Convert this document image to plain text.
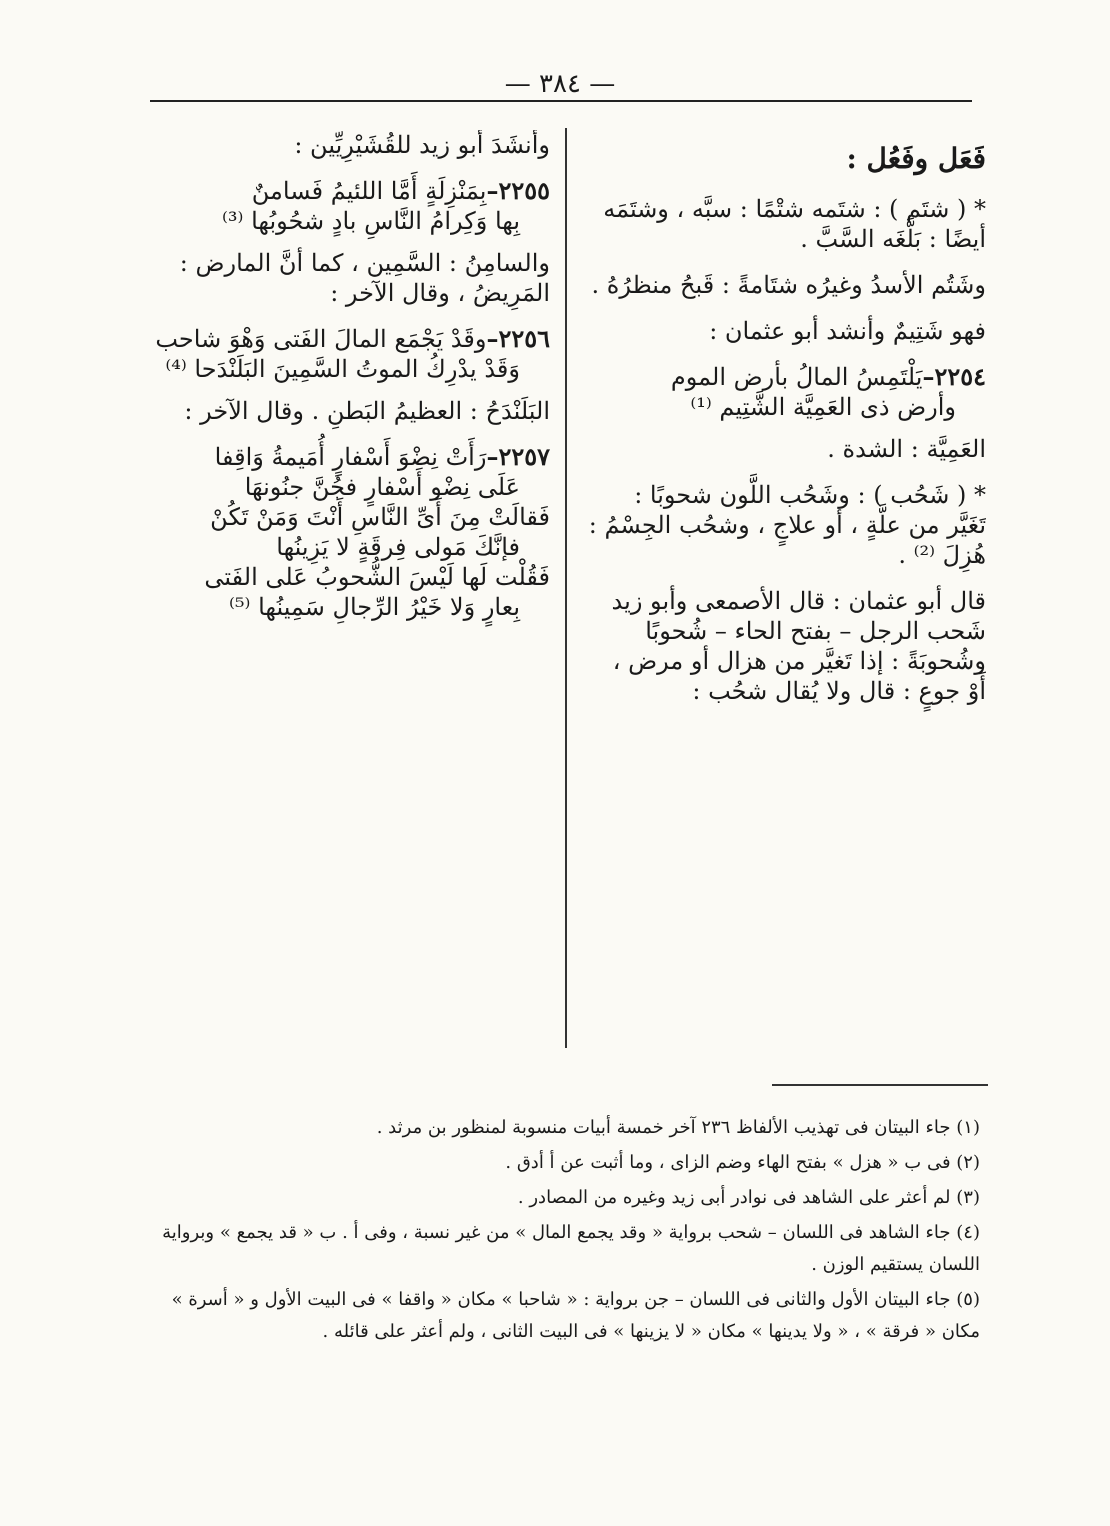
— ٣٨٤ —
فَعَل وفَعُل :

* ( شتَم ) : شتَمه شتْمًا : سبَّه ، وشتَمَه أيضًا : بَلَّغَه السَّبَّ .

وشَتُم الأسدُ وغيرُه شتَامةً : قَبحُ منظرُهُ .

فهو شَتِيمٌ وأنشد أبو عثمان :

٢٢٥٤–يَلْتَمِسُ المالُ بأرض الموم
وأرض ذى العَمِيَّة الشَّتِيم ⁽¹⁾

العَمِيَّة : الشدة .

* ( شَحُب ) : وشَحُب اللَّون شحوبًا : تَغَيَّر من علَّةٍ ، أو علاجٍ ، وشحُب الجِسْمُ : هُزِلَ ⁽²⁾ .

قال أبو عثمان : قال الأصمعى وأبو زيد شَحب الرجل – بفتح الحاء – شُحوبًا وشُحوبَةً : إذا تَغيَّر من هزال أو مرض ، أَوْ جوعٍ : قال ولا يُقال شحُب :

وأنشَدَ أبو زيد للقُشَيْرِيِّين :

٢٢٥٥–بِمَنْزِلَةٍ أَمَّا اللئيمُ فَسامنٌ
بِها وَكِرامُ النَّاسِ بادٍ شحُوبُها ⁽³⁾

والسامِنُ : السَّمِين ، كما أنَّ المارض : المَرِيضُ ، وقال الآخر :

٢٢٥٦–وقَدْ يَجْمَع المالَ الفَتى وَهْوَ شاحب
وَقَدْ يدْرِكُ الموتُ السَّمِينَ البَلَنْدَحا ⁽⁴⁾

البَلَنْدَحُ : العظيمُ البَطنِ . وقال الآخر :

٢٢٥٧–رَأَتْ نِضْوَ أَسْفارٍ أُمَيمةُ وَاقِفا
عَلَى نِضْو أَسْفارٍ فجُنَّ جنُونهَا
فَقالَتْ مِنَ أَىِّ النَّاسِ أَنْتَ وَمَنْ تَكُنْ
فإنَّكَ مَولى فِرقَةٍ لا يَزِينُها
فَقُلْت لَها لَيْسَ الشُّحوبُ عَلى الفَتى
بِعارٍ وَلا خَيْرُ الرِّجالِ سَمِينُها ⁽⁵⁾

(١) جاء البيتان فى تهذيب الألفاظ ٢٣٦ آخر خمسة أبيات منسوبة لمنظور بن مرثد .

(٢) فى ب « هزل » بفتح الهاء وضم الزاى ، وما أثبت عن أ أدق .

(٣) لم أعثر على الشاهد فى نوادر أبى زيد وغيره من المصادر .

(٤) جاء الشاهد فى اللسان – شحب برواية « وقد يجمع المال » من غير نسبة ، وفى أ . ب « قد يجمع » وبرواية اللسان يستقيم الوزن .

(٥) جاء البيتان الأول والثانى فى اللسان – جن برواية : « شاحبا » مكان « واقفا » فى البيت الأول و « أسرة » مكان « فرقة » ، « ولا يدينها » مكان « لا يزينها » فى البيت الثانى ، ولم أعثر على قائله .
